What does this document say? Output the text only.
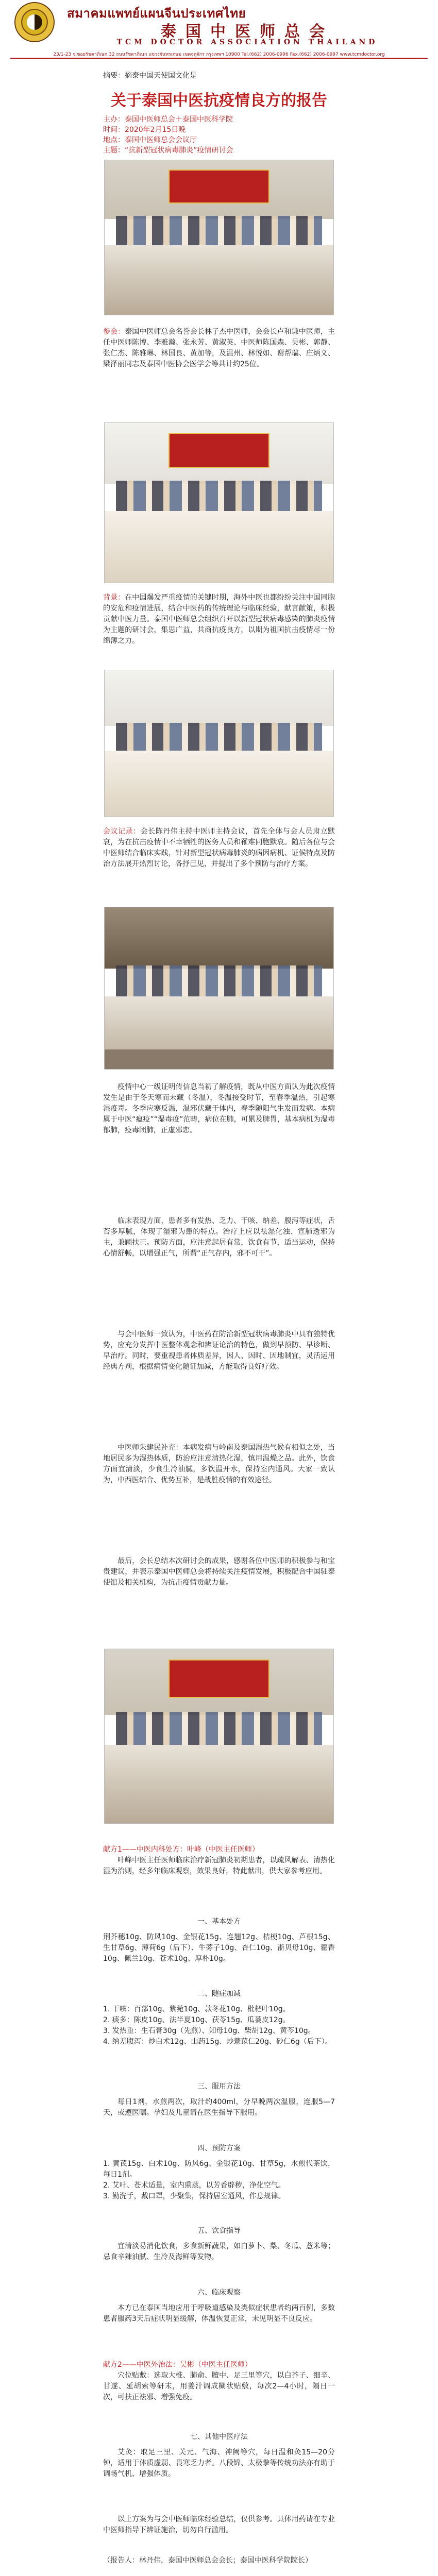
สมาคมแพทย์แผนจีนประเทศไทย
泰国中医师总会
TCM DOCTOR ASSOCIATION THAILAND
23/1-23 จ.ซอยรัชดาภิเษก 32 ถนนรัชดาภิเษก แขวงจันทรเกษม เขตจตุจักร กรุงเทพฯ 10900 Tel.(662) 2006-0996 Fax.(662) 2006-0997 www.tcmdoctor.org
摘要：摘泰中国天使国文化是
关于泰国中医抗疫情良方的报告
主办：泰国中医师总会＋泰国中医科学院
时间：2020年2月15日晚
地点：泰国中医师总会会议厅
主题：“抗新型冠状病毒肺炎”疫情研讨会
参会：泰国中医师总会名誉会长林子杰中医师，会会长卢和谦中医师，主任中医师陈博、李雅瀚、张永芳、黄淑英、中医师陈国森、吴彬、郭静、张仁杰、陈雅琳、林国良、黄加等，及温州、林悦如、谢帮瑞、庄炳义、梁泽丽同志及泰国中医协会医学会等共计约25位。
背景：在中国爆发严重疫情的关键时期，海外中医也都纷纷关注中国同胞的安危和疫情进展，结合中医药的传统理论与临床经验，献言献策，积极贡献中医力量。泰国中医师总会组织召开以新型冠状病毒感染的肺炎疫情为主题的研讨会，集思广益，共商抗疫良方，以期为祖国抗击疫情尽一份绵薄之力。
会议记录：会长陈丹伟主持中医师主持会议，首先全体与会人员肃立默哀，为在抗击疫情中不幸牺牲的医务人员和罹难同胞默哀。随后各位与会中医师结合临床实践，针对新型冠状病毒肺炎的病因病机、证候特点及防治方法展开热烈讨论，各抒己见，并提出了多个预防与治疗方案。
疫情中心一级证明传信息当初了解疫情，既从中医方面认为此次疫情发生是由于冬天寒而未藏（冬温），冬温接受时节，至春季温热，引起寒湿疫毒。冬季应寒反温，温邪伏藏于体内，春季随阳气生发而发病。本病属于中医“瘟疫”“湿毒疫”范畴，病位在肺，可累及脾胃，基本病机为湿毒郁肺，疫毒闭肺，正虚邪恋。
临床表现方面，患者多有发热、乏力、干咳、纳差、腹泻等症状，舌苔多厚腻，体现了湿邪为患的特点。治疗上应以祛湿化浊、宣肺透邪为主，兼顾扶正。预防方面，应注意起居有常，饮食有节，适当运动，保持心情舒畅，以增强正气，所谓“正气存内，邪不可干”。
与会中医师一致认为，中医药在防治新型冠状病毒肺炎中具有独特优势，应充分发挥中医整体观念和辨证论治的特色，做到早预防、早诊断、早治疗。同时，要重视患者体质差异，因人、因时、因地制宜，灵活运用经典方剂，根据病情变化随证加减，方能取得良好疗效。
中医师朱建民补充：本病发病与岭南及泰国湿热气候有相似之处，当地居民多为湿热体质，防治应注意清热化湿，慎用温燥之品。此外，饮食方面宜清淡，少食生冷油腻，多饮温开水，保持室内通风。大家一致认为，中西医结合、优势互补，是战胜疫情的有效途径。
最后，会长总结本次研讨会的成果，感谢各位中医师的积极参与和宝贵建议，并表示泰国中医师总会将持续关注疫情发展，积极配合中国驻泰使馆及相关机构，为抗击疫情贡献力量。
献方1——中医内科处方：叶峰（中医主任医师）
叶峰中医主任医师临床治疗新冠肺炎初期患者，以疏风解表、清热化湿为治则，经多年临床观察，效果良好，特此献出，供大家参考应用。
一、基本处方
荆芥穗10g、防风10g、金银花15g、连翘12g、桔梗10g、芦根15g、生甘草6g、薄荷6g（后下）、牛蒡子10g、杏仁10g、浙贝母10g、藿香10g、佩兰10g、苍术10g、厚朴10g。
二、随症加减
1. 干咳：百部10g、紫菀10g、款冬花10g、枇杷叶10g。
2. 痰多：陈皮10g、法半夏10g、茯苓15g、瓜蒌皮12g。
3. 发热重：生石膏30g（先煎）、知母10g、柴胡12g、黄芩10g。
4. 纳差腹泻：炒白术12g、山药15g、炒薏苡仁20g、砂仁6g（后下）。
三、服用方法
每日1剂，水煎两次，取汁约400ml，分早晚两次温服，连服5—7天，或遵医嘱。孕妇及儿童请在医生指导下服用。
四、预防方案
1. 黄芪15g、白术10g、防风6g、金银花10g、甘草5g，水煎代茶饮，每日1剂。
2. 艾叶、苍术适量，室内熏蒸，以芳香辟秽，净化空气。
3. 勤洗手，戴口罩，少聚集，保持居室通风，作息规律。
五、饮食指导
宜清淡易消化饮食，多食新鲜蔬果，如白萝卜、梨、冬瓜、薏米等；忌食辛辣油腻、生冷及海鲜等发物。
六、临床观察
本方已在泰国当地应用于呼吸道感染及类似症状患者约两百例，多数患者服药3天后症状明显缓解，体温恢复正常，未见明显不良反应。
献方2——中医外治法：吴彬（中医主任医师）
穴位贴敷：选取大椎、肺俞、膻中、足三里等穴，以白芥子、细辛、甘遂、延胡索等研末，用姜汁调成糊状贴敷，每次2—4小时，隔日一次，可扶正祛邪、增强免疫。
七、其他中医疗法
艾灸：取足三里、关元、气海、神阙等穴，每日温和灸15—20分钟，适用于体质虚弱、畏寒乏力者。八段锦、太极拳等传统功法亦有助于调畅气机、增强体质。
以上方案为与会中医师临床经验总结，仅供参考。具体用药请在专业中医师指导下辨证施治，切勿自行滥用。
（报告人：林丹伟，泰国中医师总会会长；泰国中医科学院院长）
